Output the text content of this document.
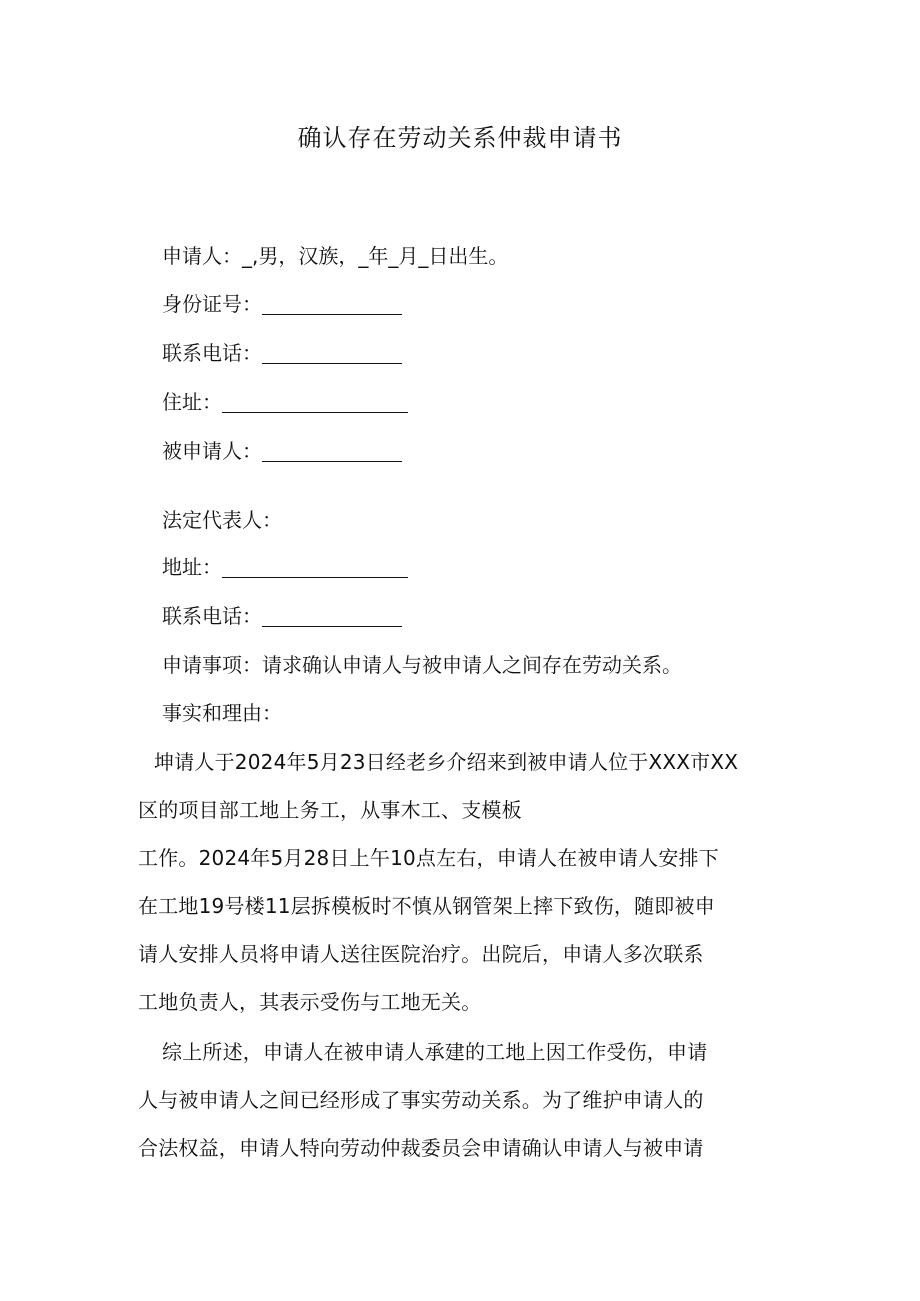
确认存在劳动关系仲裁申请书
申请人：_,男，汉族，_年_月_日出生。
身份证号：
联系电话：
住址：
被申请人：
法定代表人：
地址：
联系电话：
申请事项：请求确认申请人与被申请人之间存在劳动关系。
事实和理由：

坤请人于2024年5月23日经老乡介绍来到被申请人位于XXX市XX

区的项目部工地上务工，从事木工、支模板

工作。2024年5月28日上午10点左右，申请人在被申请人安排下

在工地19号楼11层拆模板时不慎从钢管架上摔下致伤，随即被申

请人安排人员将申请人送往医院治疗。出院后，申请人多次联系

工地负责人，其表示受伤与工地无关。

综上所述，申请人在被申请人承建的工地上因工作受伤，申请

人与被申请人之间已经形成了事实劳动关系。为了维护申请人的

合法权益，申请人特向劳动仲裁委员会申请确认申请人与被申请
